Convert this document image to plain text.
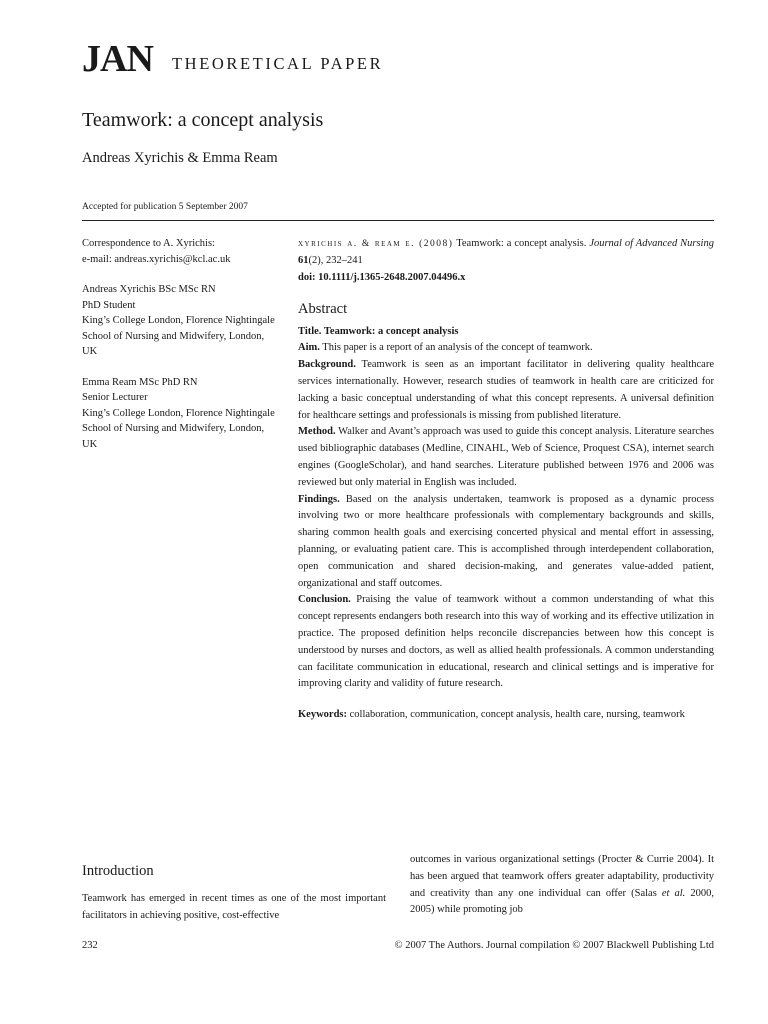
JAN THEORETICAL PAPER
Teamwork: a concept analysis
Andreas Xyrichis & Emma Ream
Accepted for publication 5 September 2007

Correspondence to A. Xyrichis:

e-mail: andreas.xyrichis@kcl.ac.uk

Andreas Xyrichis BSc MSc RN

PhD Student

King’s College London, Florence Nightingale

School of Nursing and Midwifery, London,

UK

Emma Ream MSc PhD RN

Senior Lecturer

King’s College London, Florence Nightingale

School of Nursing and Midwifery, London,

UK

xyrichis a. & ream e. (2008) Teamwork: a concept analysis. Journal of Advanced Nursing 61(2), 232–241

doi: 10.1111/j.1365-2648.2007.04496.x

Abstract

Title. Teamwork: a concept analysis

Aim. This paper is a report of an analysis of the concept of teamwork.

Background. Teamwork is seen as an important facilitator in delivering quality healthcare services internationally. However, research studies of teamwork in health care are criticized for lacking a basic conceptual understanding of what this concept represents. A universal definition for healthcare settings and professionals is missing from published literature.

Method. Walker and Avant’s approach was used to guide this concept analysis. Literature searches used bibliographic databases (Medline, CINAHL, Web of Science, Proquest CSA), internet search engines (GoogleScholar), and hand searches. Literature published between 1976 and 2006 was reviewed but only material in English was included.

Findings. Based on the analysis undertaken, teamwork is proposed as a dynamic process involving two or more healthcare professionals with complementary backgrounds and skills, sharing common health goals and exercising concerted physical and mental effort in assessing, planning, or evaluating patient care. This is accomplished through interdependent collaboration, open communication and shared decision-making, and generates value-added patient, organizational and staff outcomes.

Conclusion. Praising the value of teamwork without a common understanding of what this concept represents endangers both research into this way of working and its effective utilization in practice. The proposed definition helps reconcile discrepancies between how this concept is understood by nurses and doctors, as well as allied health professionals. A common understanding can facilitate communication in educational, research and clinical settings and is imperative for improving clarity and validity of future research.

Keywords: collaboration, communication, concept analysis, health care, nursing, teamwork

Introduction

Teamwork has emerged in recent times as one of the most important facilitators in achieving positive, cost-effective

outcomes in various organizational settings (Procter & Currie 2004). It has been argued that teamwork offers greater adaptability, productivity and creativity than any one individual can offer (Salas et al. 2000, 2005) while promoting job

232	© 2007 The Authors. Journal compilation © 2007 Blackwell Publishing Ltd
